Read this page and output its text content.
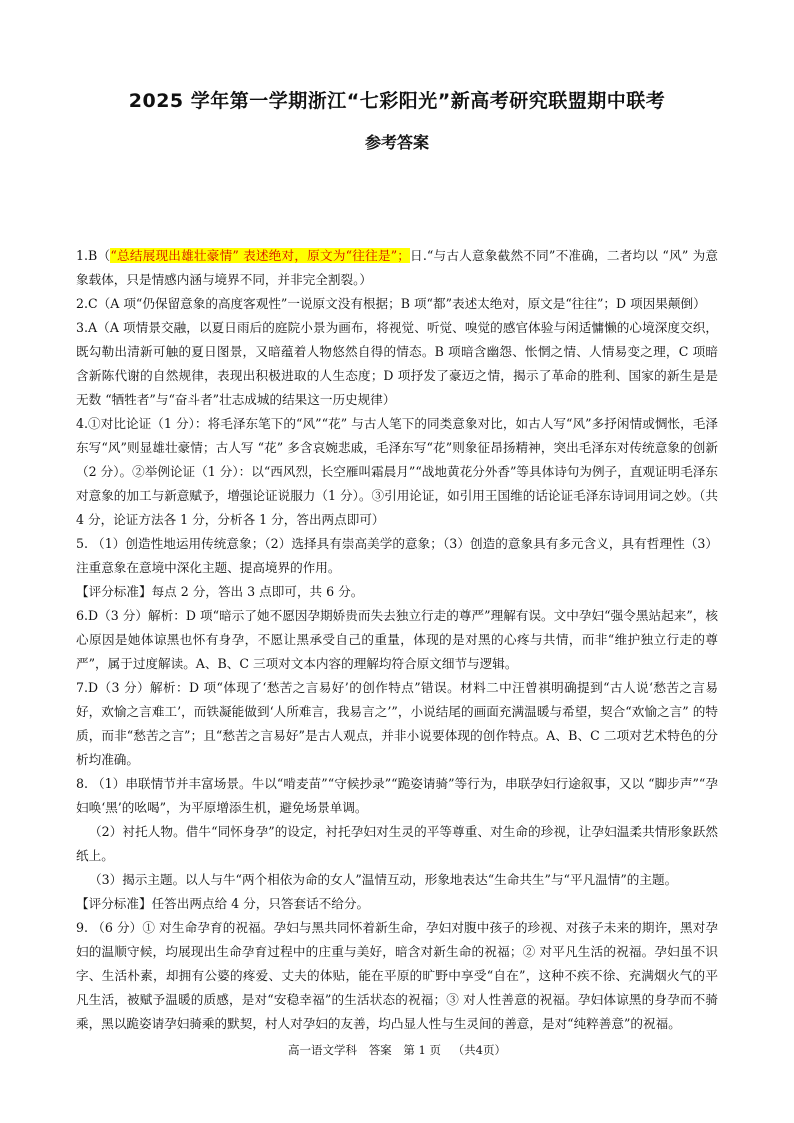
2025 学年第一学期浙江“七彩阳光”新高考研究联盟期中联考
参考答案

1.B（“总结展现出雄壮豪情” 表述绝对，原文为“往往是”；日.“与古人意象截然不同”不准确，二者均以 “风” 为意象载体，只是情感内涵与境界不同，并非完全割裂。）

2.C（A 项“仍保留意象的高度客观性”一说原文没有根据；B 项“都”表述太绝对，原文是“往往”；D 项因果颠倒）

3.A（A 项情景交融，以夏日雨后的庭院小景为画布，将视觉、听觉、嗅觉的感官体验与闲适慵懒的心境深度交织，既勾勒出清新可触的夏日图景，又暗蕴着人物悠然自得的情态。B 项暗含幽怨、怅惘之情、人情易变之理，C 项暗含新陈代谢的自然规律，表现出积极进取的人生态度；D 项抒发了豪迈之情，揭示了革命的胜利、国家的新生是是无数 “牺牲者”与“奋斗者”壮志成城的结果这一历史规律）

4.①对比论证（1 分）：将毛泽东笔下的“风”“花” 与古人笔下的同类意象对比，如古人写“风”多抒闲情或惆怅，毛泽东写“风”则显雄壮豪情；古人写 “花” 多含哀婉悲戚，毛泽东写“花”则象征昂扬精神，突出毛泽东对传统意象的创新（2 分）。②举例论证（1 分）：以“西风烈，长空雁叫霜晨月”“战地黄花分外香”等具体诗句为例子，直观证明毛泽东对意象的加工与新意赋予，增强论证说服力（1 分）。③引用论证，如引用王国维的话论证毛泽东诗词用词之妙。（共 4 分，论证方法各 1 分，分析各 1 分，答出两点即可）

5. （1）创造性地运用传统意象；（2）选择具有崇高美学的意象；（3）创造的意象具有多元含义，具有哲理性（3）注重意象在意境中深化主题、提高境界的作用。

【评分标准】每点 2 分，答出 3 点即可，共 6 分。

6.D（3 分）解析：D 项“暗示了她不愿因孕期娇贵而失去独立行走的尊严”理解有误。文中孕妇“强令黑站起来”，核心原因是她体谅黑也怀有身孕，不愿让黑承受自己的重量，体现的是对黑的心疼与共情，而非“维护独立行走的尊严”，属于过度解读。A、B、C 三项对文本内容的理解均符合原文细节与逻辑。

7.D（3 分）解析：D 项“体现了‘愁苦之言易好’的创作特点”错误。材料二中汪曾祺明确提到“古人说‘愁苦之言易好，欢愉之言难工’，而铁凝能做到‘人所难言，我易言之’”，小说结尾的画面充满温暖与希望，契合“欢愉之言” 的特质，而非“愁苦之言”；且“愁苦之言易好”是古人观点，并非小说要体现的创作特点。A、B、C 二项对艺术特色的分析均准确。

8. （1）串联情节并丰富场景。牛以“啃麦苗”“守候抄录”“跪姿请骑”等行为，串联孕妇行途叙事，又以 “脚步声”“孕妇唤‘黑’的吆喝”，为平原增添生机，避免场景单调。

（2）衬托人物。借牛“同怀身孕”的设定，衬托孕妇对生灵的平等尊重、对生命的珍视，让孕妇温柔共情形象跃然纸上。

（3）揭示主题。以人与牛“两个相依为命的女人”温情互动，形象地表达“生命共生”与“平凡温情”的主题。

【评分标准】任答出两点给 4 分，只答套话不给分。

9. （6 分）① 对生命孕育的祝福。孕妇与黑共同怀着新生命，孕妇对腹中孩子的珍视、对孩子未来的期许，黑对孕妇的温顺守候，均展现出生命孕育过程中的庄重与美好，暗含对新生命的祝福；② 对平凡生活的祝福。孕妇虽不识字、生活朴素，却拥有公婆的疼爱、丈夫的体贴，能在平原的旷野中享受“自在”，这种不疾不徐、充满烟火气的平凡生活，被赋予温暖的质感，是对“安稳幸福”的生活状态的祝福；③ 对人性善意的祝福。孕妇体谅黑的身孕而不骑乘，黑以跪姿请孕妇骑乘的默契，村人对孕妇的友善，均凸显人性与生灵间的善意，是对“纯粹善意”的祝福。

高一语文学科 答案 第 1 页 （共4页）
